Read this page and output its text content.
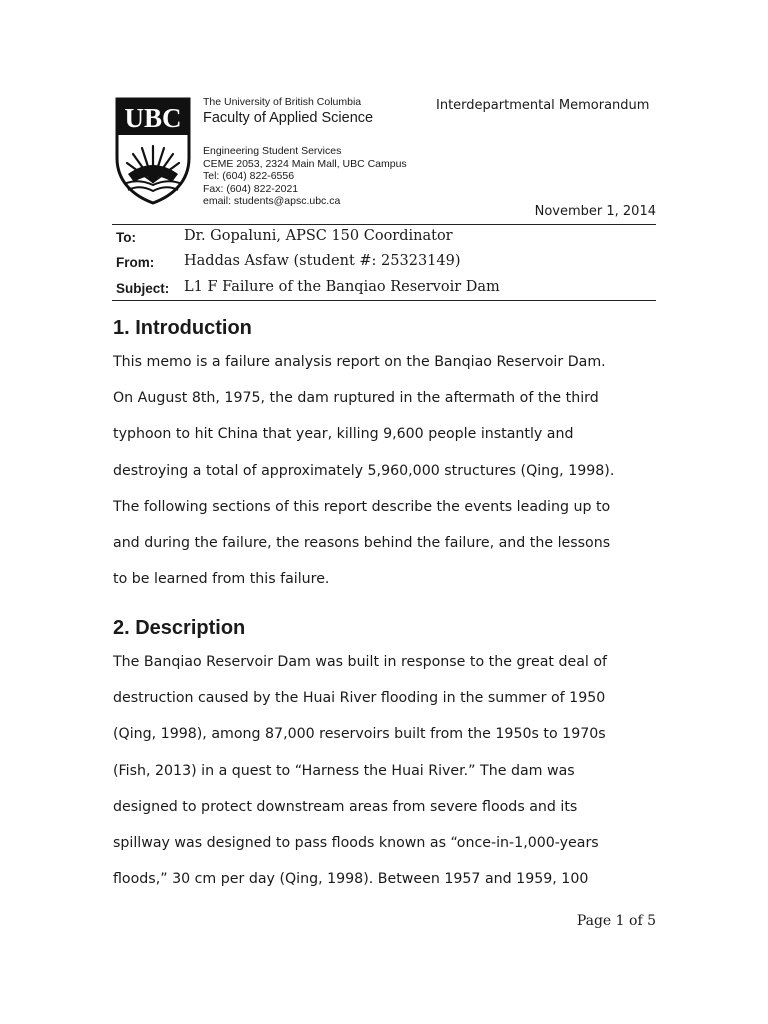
UBC
The University of British Columbia
Faculty of Applied Science
Engineering Student Services
CEME 2053, 2324 Main Mall, UBC Campus
Tel: (604) 822-6556
Fax: (604) 822-2021
email: students@apsc.ubc.ca
Interdepartmental Memorandum
November 1, 2014
To:	Dr. Gopaluni, APSC 150 Coordinator
From: Haddas Asfaw (student #: 25323149)
Subject: L1 F Failure of the Banqiao Reservoir Dam
1. Introduction

This memo is a failure analysis report on the Banqiao Reservoir Dam.
On August 8th, 1975, the dam ruptured in the aftermath of the third
typhoon to hit China that year, killing 9,600 people instantly and
destroying a total of approximately 5,960,000 structures (Qing, 1998).
The following sections of this report describe the events leading up to
and during the failure, the reasons behind the failure, and the lessons
to be learned from this failure.

2. Description

The Banqiao Reservoir Dam was built in response to the great deal of
destruction caused by the Huai River flooding in the summer of 1950
(Qing, 1998), among 87,000 reservoirs built from the 1950s to 1970s
(Fish, 2013) in a quest to “Harness the Huai River.” The dam was
designed to protect downstream areas from severe floods and its
spillway was designed to pass floods known as “once-in-1,000-years
floods,” 30 cm per day (Qing, 1998). Between 1957 and 1959, 100

Page 1 of 5
